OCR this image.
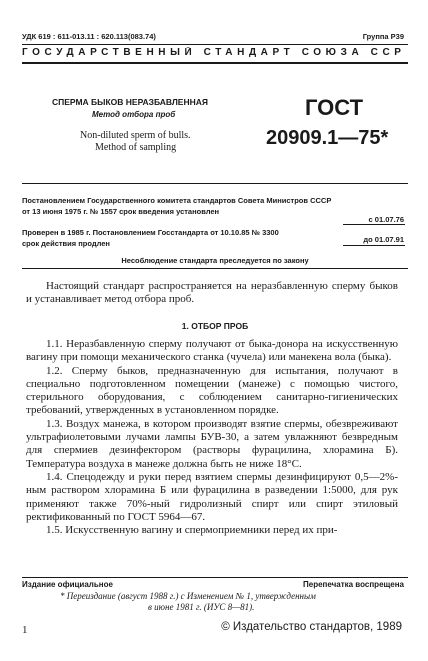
УДК 619 : 611-013.11 : 620.113(083.74)	Группа Р39
ГОСУДАРСТВЕННЫЙ СТАНДАРТ СОЮЗА ССР
СПЕРМА БЫКОВ НЕРАЗБАВЛЕННАЯ
Метод отбора проб
Non-diluted sperm of bulls.
Method of sampling
ГОСТ
20909.1—75*
Постановлением Государственного комитета стандартов Совета Министров СССР
от 13 июня 1975 г. № 1557 срок введения установлен
с 01.07.76
Проверен в 1985 г. Постановлением Госстандарта от 10.10.85 № 3300
срок действия продлен	до 01.07.91
Несоблюдение стандарта преследуется по закону

Настоящий стандарт распространяется на неразбавленную сперму быков и устанавливает метод отбора проб.

1. ОТБОР ПРОБ

1.1. Неразбавленную сперму получают от быка-донора на искусственную вагину при помощи механического станка (чучела) или манекена вола (быка).

1.2. Сперму быков, предназначенную для испытания, получают в специально подготовленном помещении (манеже) с помощью чистого, стерильного оборудования, с соблюдением санитарно-гигиенических требований, утвержденных в установленном порядке.

1.3. Воздух манежа, в котором производят взятие спермы, обезвреживают ультрафиолетовыми лучами лампы БУВ-30, а затем увлажняют безвредным для спермиев дезинфектором (растворы фурацилина, хлорамина Б). Температура воздуха в манеже должна быть не ниже 18°С.

1.4. Спецодежду и руки перед взятием спермы дезинфицируют 0,5—2%-ным раствором хлорамина Б или фурацилина в разведении 1:5000, для рук применяют также 70%-ный гидролизный спирт или спирт этиловый ректификованный по ГОСТ 5964—67.

1.5. Искусственную вагину и спермоприемники перед их при-

Издание официальное	Перепечатка воспрещена
* Переиздание (август 1988 г.) с Изменением № 1, утвержденным
в июне 1981 г. (ИУС 8—81).
1	© Издательство стандартов, 1989
